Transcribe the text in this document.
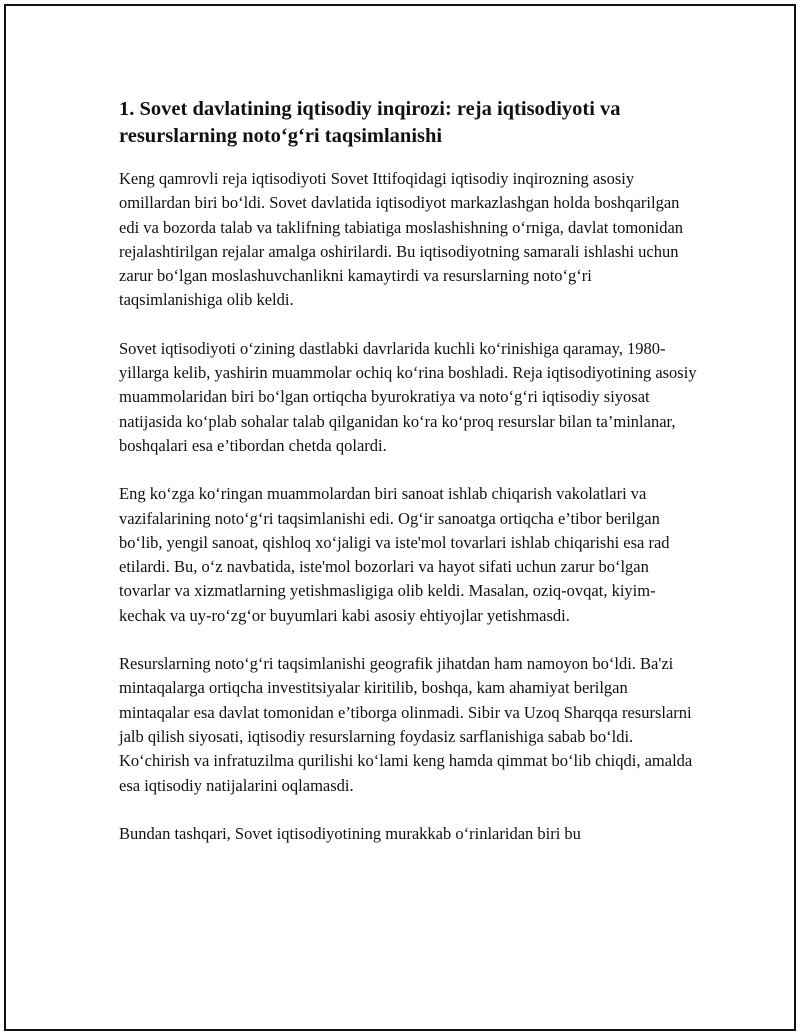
1. Sovet davlatining iqtisodiy inqirozi: reja iqtisodiyoti va resurslarning noto‘g‘ri taqsimlanishi

Keng qamrovli reja iqtisodiyoti Sovet Ittifoqidagi iqtisodiy inqirozning asosiy omillardan biri bo‘ldi. Sovet davlatida iqtisodiyot markazlashgan holda boshqarilgan edi va bozorda talab va taklifning tabiatiga moslashishning o‘rniga, davlat tomonidan rejalashtirilgan rejalar amalga oshirilardi. Bu iqtisodiyotning samarali ishlashi uchun zarur bo‘lgan moslashuvchanlikni kamaytirdi va resurslarning noto‘g‘ri taqsimlanishiga olib keldi.

Sovet iqtisodiyoti o‘zining dastlabki davrlarida kuchli ko‘rinishiga qaramay, 1980-yillarga kelib, yashirin muammolar ochiq ko‘rina boshladi. Reja iqtisodiyotining asosiy muammolaridan biri bo‘lgan ortiqcha byurokratiya va noto‘g‘ri iqtisodiy siyosat natijasida ko‘plab sohalar talab qilganidan ko‘ra ko‘proq resurslar bilan ta’minlanar, boshqalari esa e’tibordan chetda qolardi.

Eng ko‘zga ko‘ringan muammolardan biri sanoat ishlab chiqarish vakolatlari va vazifalarining noto‘g‘ri taqsimlanishi edi. Og‘ir sanoatga ortiqcha e’tibor berilgan bo‘lib, yengil sanoat, qishloq xo‘jaligi va iste'mol tovarlari ishlab chiqarishi esa rad etilardi. Bu, o‘z navbatida, iste'mol bozorlari va hayot sifati uchun zarur bo‘lgan tovarlar va xizmatlarning yetishmasligiga olib keldi. Masalan, oziq-ovqat, kiyim-kechak va uy-ro‘zg‘or buyumlari kabi asosiy ehtiyojlar yetishmasdi.

Resurslarning noto‘g‘ri taqsimlanishi geografik jihatdan ham namoyon bo‘ldi. Ba'zi mintaqalarga ortiqcha investitsiyalar kiritilib, boshqa, kam ahamiyat berilgan mintaqalar esa davlat tomonidan e’tiborga olinmadi. Sibir va Uzoq Sharqqa resurslarni jalb qilish siyosati, iqtisodiy resurslarning foydasiz sarflanishiga sabab bo‘ldi. Ko‘chirish va infratuzilma qurilishi ko‘lami keng hamda qimmat bo‘lib chiqdi, amalda esa iqtisodiy natijalarini oqlamasdi.

Bundan tashqari, Sovet iqtisodiyotining murakkab o‘rinlaridan biri bu
